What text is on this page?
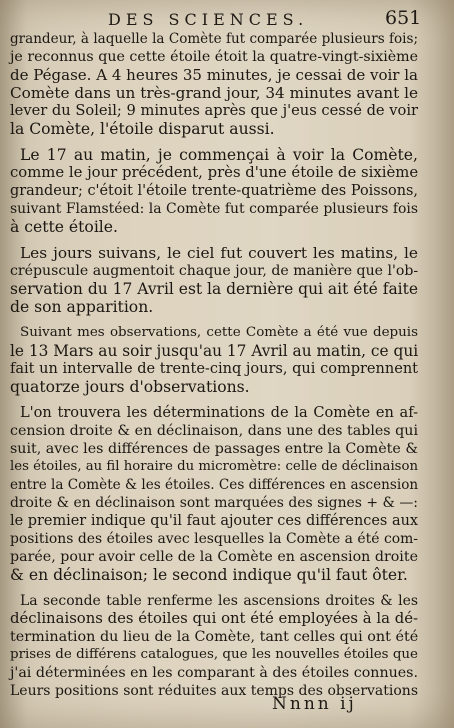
DES SCIENCES.	651

grandeur, à laquelle la Comète fut comparée plusieurs fois;
je reconnus que cette étoile étoit la quatre-vingt-sixième
de Pégase. A 4 heures 35 minutes, je cessai de voir la
Comète dans un très-grand jour, 34 minutes avant le
lever du Soleil; 9 minutes après que j'eus cessé de voir
la Comète, l'étoile disparut aussi.

Le 17 au matin, je commençai à voir la Comète,
comme le jour précédent, près d'une étoile de sixième
grandeur; c'étoit l'étoile trente-quatrième des Poissons,
suivant Flamstéed: la Comète fut comparée plusieurs fois
à cette étoile.

Les jours suivans, le ciel fut couvert les matins, le
crépuscule augmentoit chaque jour, de manière que l'ob-
servation du 17 Avril est la dernière qui ait été faite
de son apparition.

Suivant mes observations, cette Comète a été vue depuis
le 13 Mars au soir jusqu'au 17 Avril au matin, ce qui
fait un intervalle de trente-cinq jours, qui comprennent
quatorze jours d'observations.

L'on trouvera les déterminations de la Comète en af-
cension droite & en déclinaison, dans une des tables qui
suit, avec les différences de passages entre la Comète &
les étoiles, au fil horaire du micromètre: celle de déclinaison
entre la Comète & les étoiles. Ces différences en ascension
droite & en déclinaison sont marquées des signes + & —:
le premier indique qu'il faut ajouter ces différences aux
positions des étoiles avec lesquelles la Comète a été com-
parée, pour avoir celle de la Comète en ascension droite
& en déclinaison; le second indique qu'il faut ôter.

La seconde table renferme les ascensions droites & les
déclinaisons des étoiles qui ont été employées à la dé-
termination du lieu de la Comète, tant celles qui ont été
prises de différens catalogues, que les nouvelles étoiles que
j'ai déterminées en les comparant à des étoiles connues.
Leurs positions sont réduites aux temps des observations

Nnnn ij
